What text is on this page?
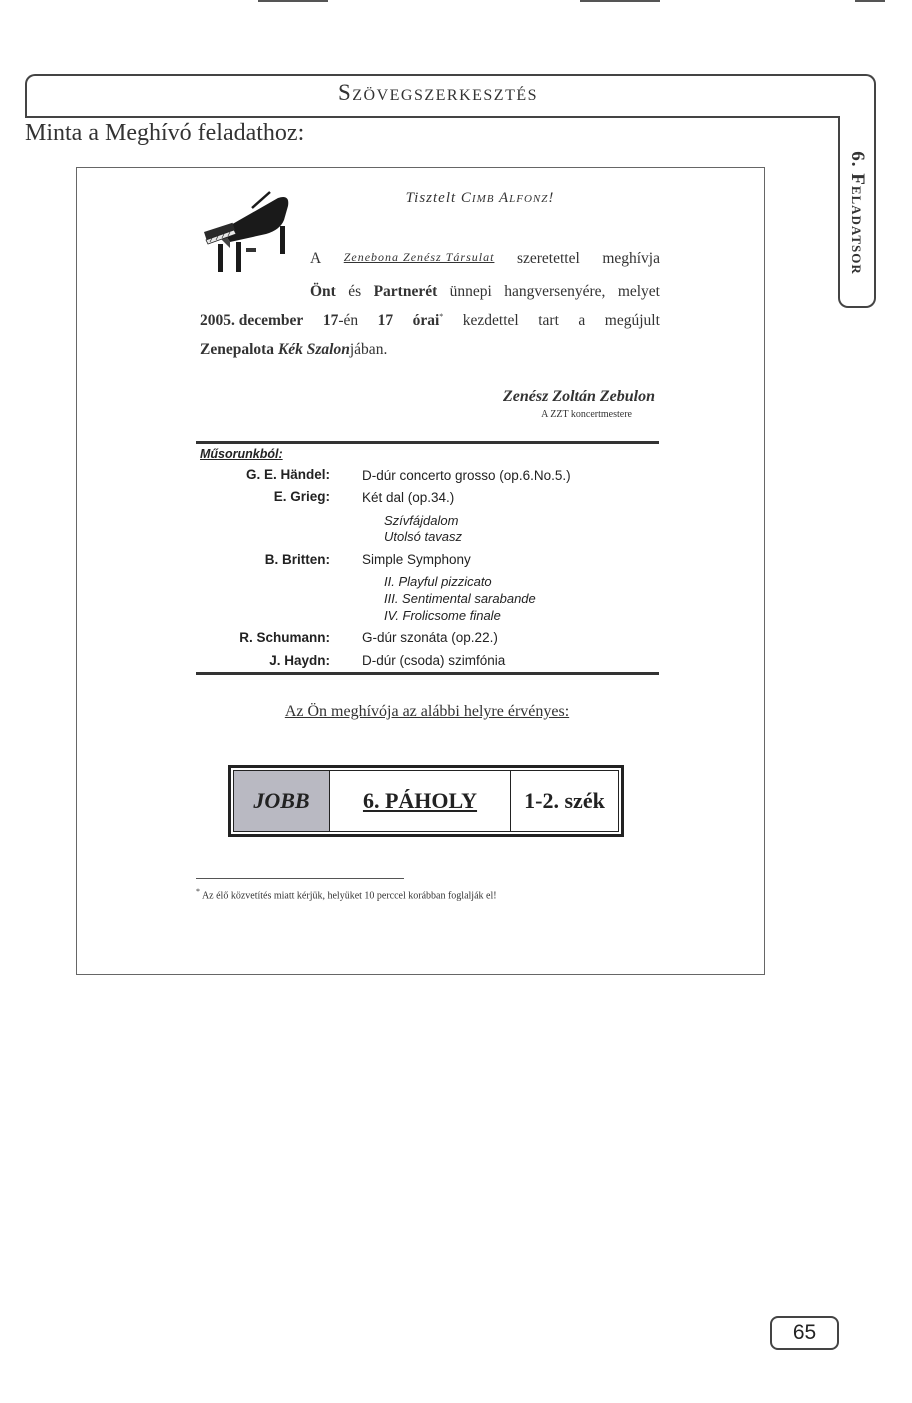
Szövegszerkesztés
6. Feladatsor
Minta a Meghívó feladathoz:
Tisztelt Cimb Alfonz!
A Zenebona Zenész Társulat szeretettel meghívja
Önt és Partnerét ünnepi hangversenyére, melyet
2005. december 17-én 17 órai* kezdettel tart a megújult
Zenepalota Kék Szalonjában.
Zenész Zoltán Zebulon
A ZZT koncertmestere
Műsorunkból:
G. E. Händel: D-dúr concerto grosso (op.6.No.5.)
E. Grieg: Két dal (op.34.)
Szívfájdalom
Utolsó tavasz
B. Britten: Simple Symphony
II. Playful pizzicato
III. Sentimental sarabande
IV. Frolicsome finale
R. Schumann: G-dúr szonáta (op.22.)
J. Haydn: D-dúr (csoda) szimfónia
Az Ön meghívója az alábbi helyre érvényes:
JOBB	6. PÁHOLY	1-2. szék
* Az élő közvetítés miatt kérjük, helyüket 10 perccel korábban foglalják el!
65
